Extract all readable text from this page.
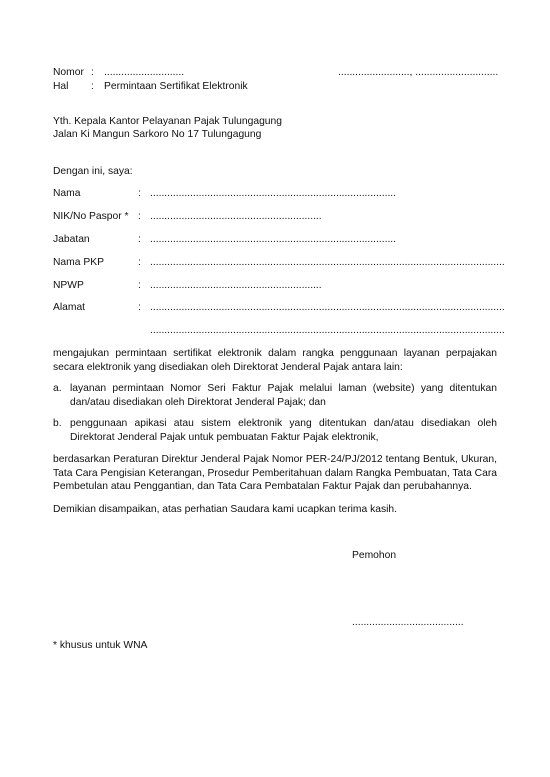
Nomor : ............................	........................., .............................
Hal : Permintaan Sertifikat Elektronik
Yth. Kepala Kantor Pelayanan Pajak Tulungagung
Jalan Ki Mangun Sarkoro No 17 Tulungagung
Dengan ini, saya:
Nama	: ......................................................................................
NIK/No Paspor * : ............................................................
Jabatan	: ......................................................................................
Nama PKP	: ............................................................................................................................
NPWP	: ............................................................
Alamat	: ............................................................................................................................
............................................................................................................................
mengajukan permintaan sertifikat elektronik dalam rangka penggunaan layanan perpajakan secara elektronik yang disediakan oleh Direktorat Jenderal Pajak antara lain:
a. layanan permintaan Nomor Seri Faktur Pajak melalui laman (website) yang ditentukan dan/atau disediakan oleh Direktorat Jenderal Pajak; dan
b. penggunaan apikasi atau sistem elektronik yang ditentukan dan/atau disediakan oleh Direktorat Jenderal Pajak untuk pembuatan Faktur Pajak elektronik,
berdasarkan Peraturan Direktur Jenderal Pajak Nomor PER-24/PJ/2012 tentang Bentuk, Ukuran, Tata Cara Pengisian Keterangan, Prosedur Pemberitahuan dalam Rangka Pembuatan, Tata Cara Pembetulan atau Penggantian, dan Tata Cara Pembatalan Faktur Pajak dan perubahannya.
Demikian disampaikan, atas perhatian Saudara kami ucapkan terima kasih.
Pemohon
.......................................
* khusus untuk WNA
